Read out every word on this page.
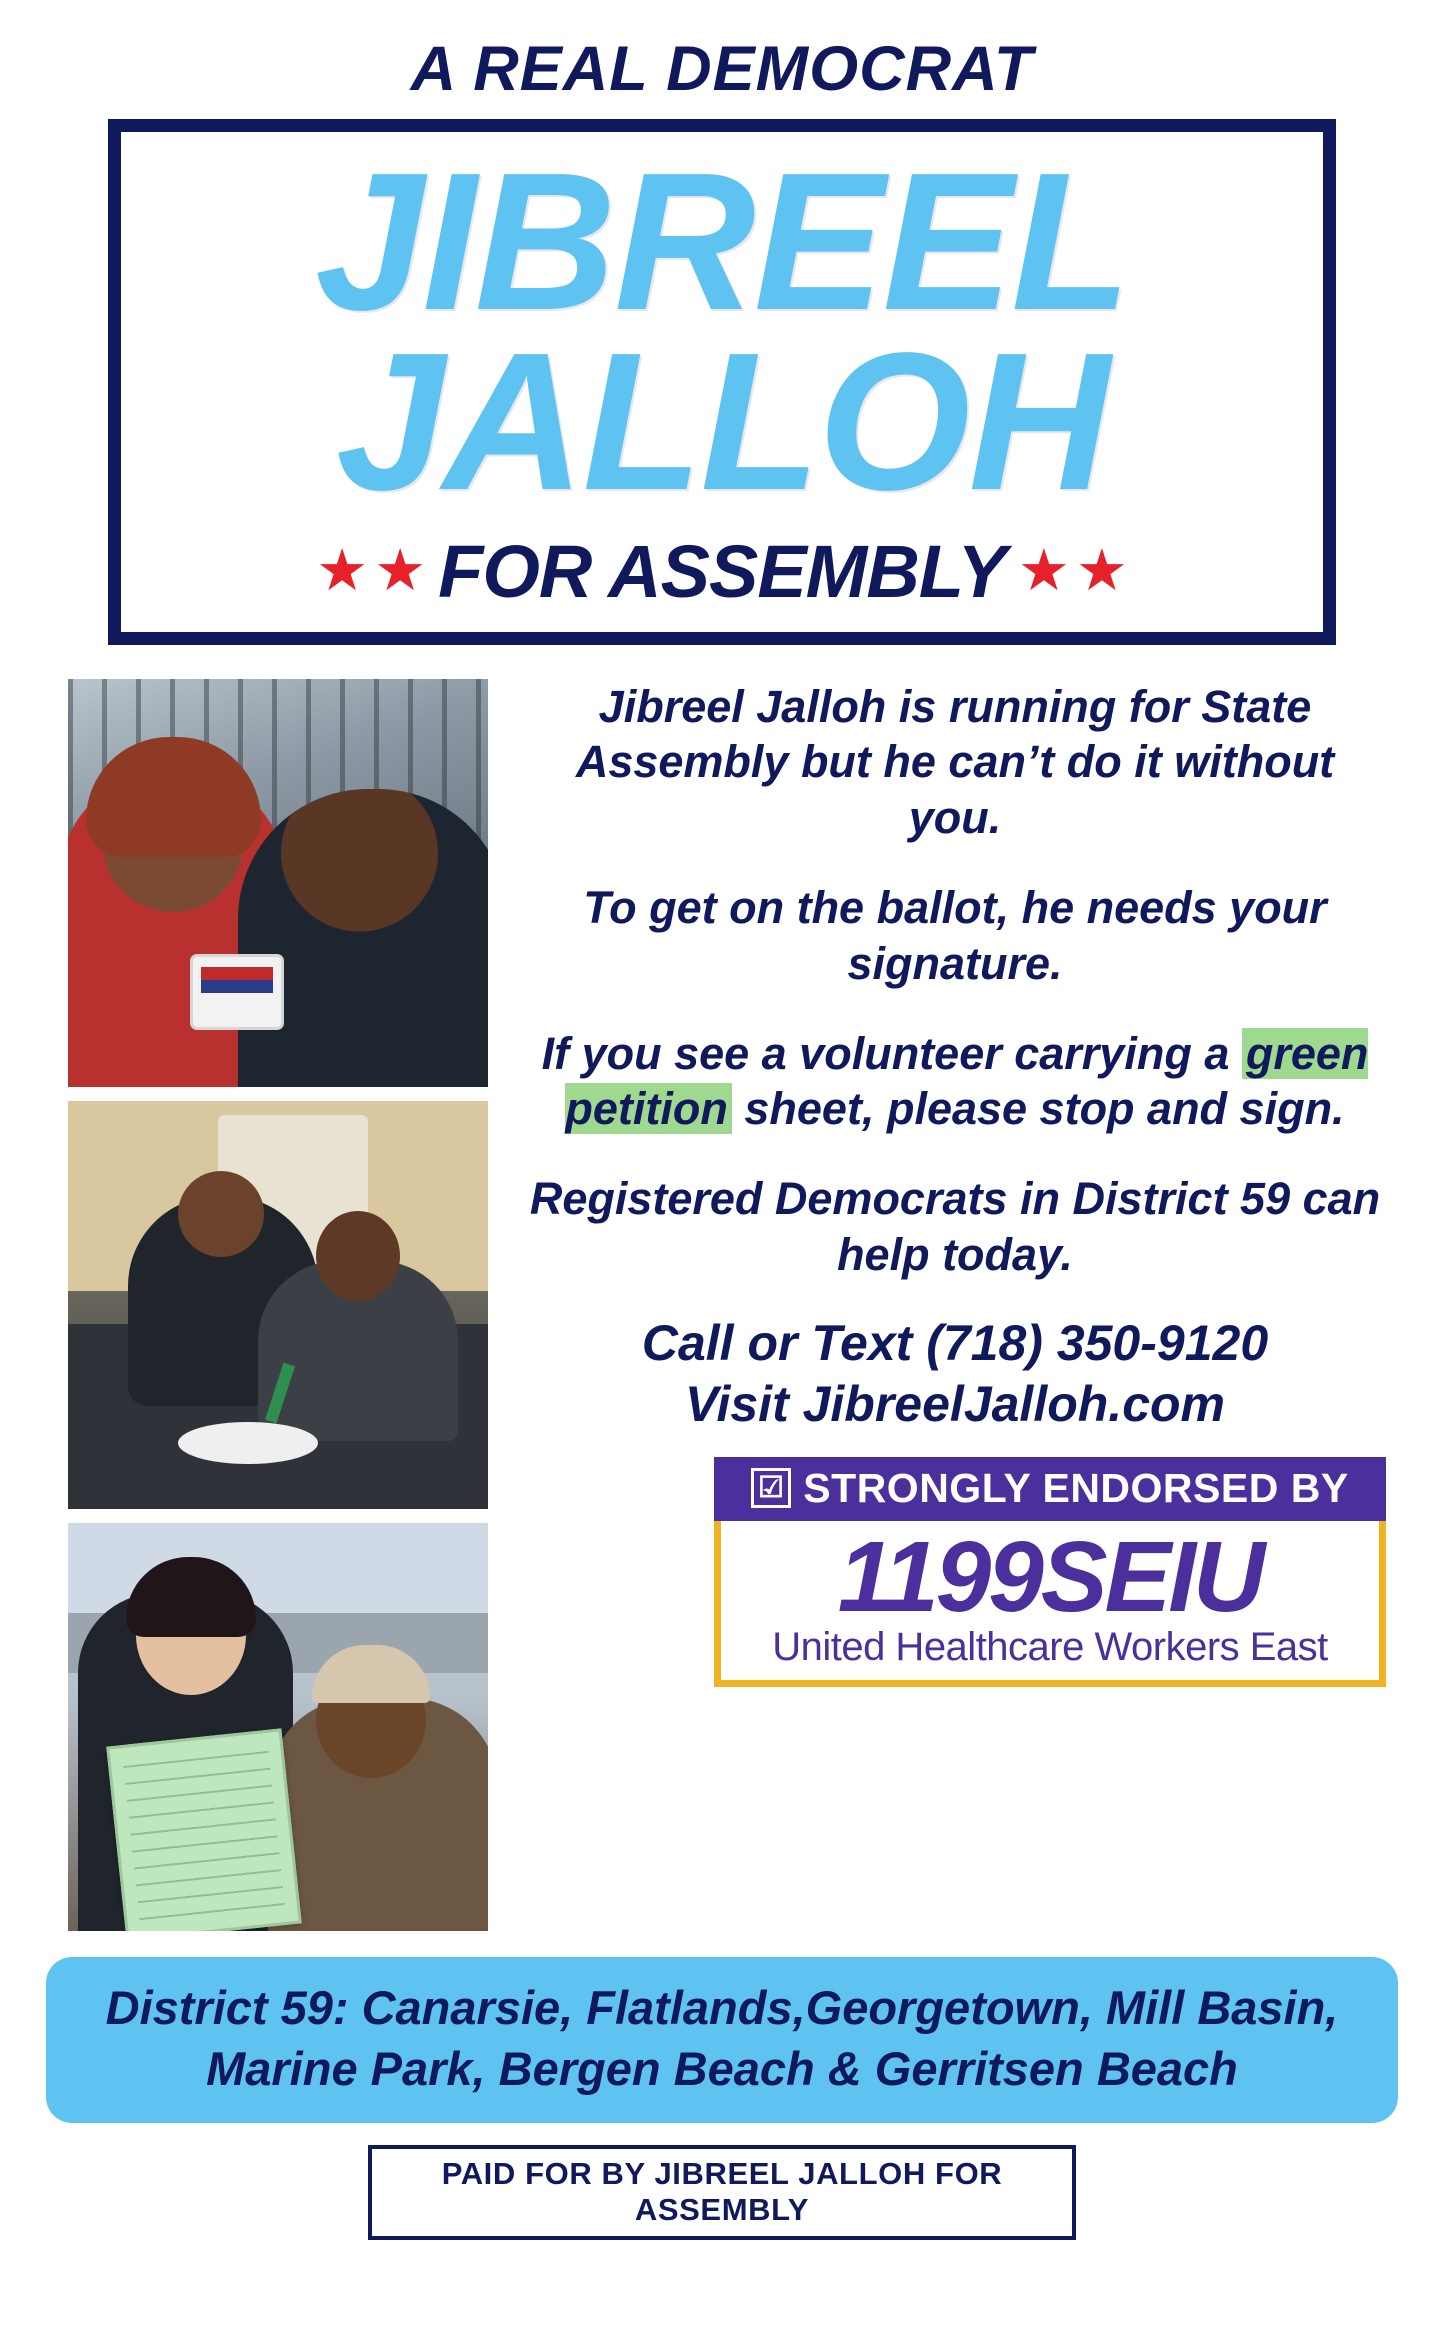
A REAL DEMOCRAT
JIBREEL
JALLOH
★ ★ FOR ASSEMBLY ★ ★

Jibreel Jalloh is running for State Assembly but he can’t do it without you.

To get on the ballot, he needs your signature.

If you see a volunteer carrying a green petition sheet, please stop and sign.

Registered Democrats in District 59 can help today.

Call or Text (718) 350-9120
Visit JibreelJalloh.com
☑ STRONGLY ENDORSED BY
1199SEIU
United Healthcare Workers East
District 59: Canarsie, Flatlands,Georgetown, Mill Basin,
Marine Park, Bergen Beach & Gerritsen Beach
PAID FOR BY JIBREEL JALLOH FOR ASSEMBLY
